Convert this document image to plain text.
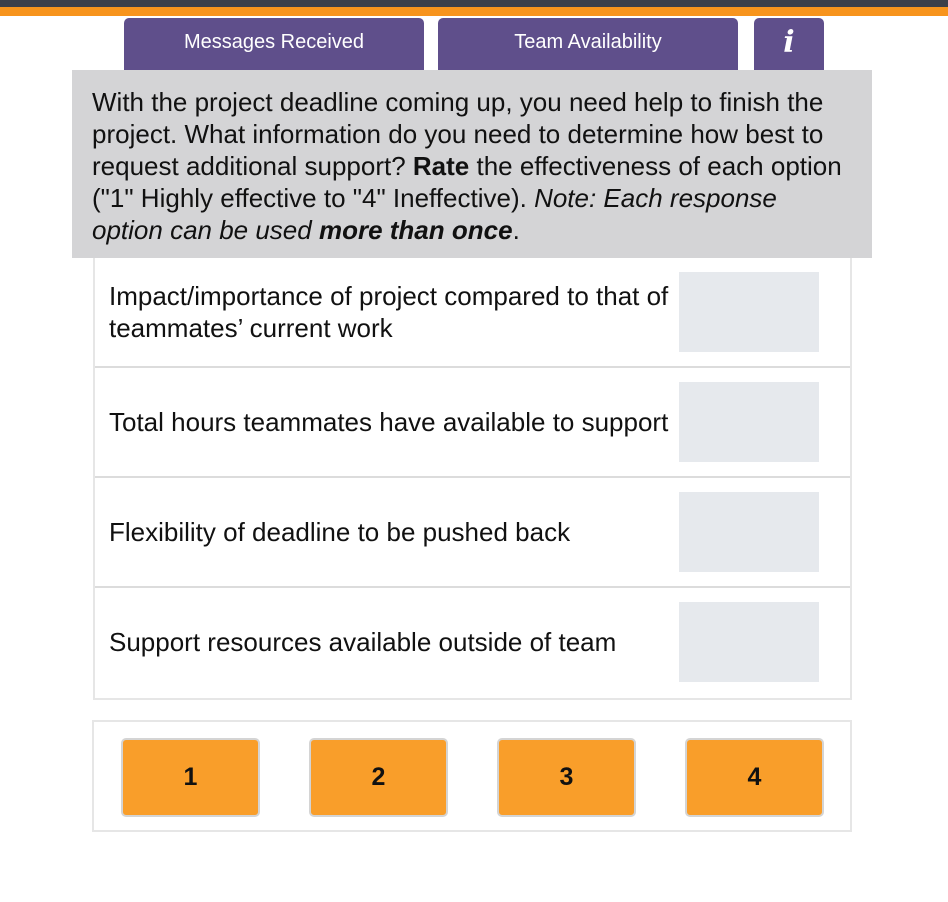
Messages Received	Team Availability	i
With the project deadline coming up, you need help to finish the project. What information do you need to determine how best to request additional support? Rate the effectiveness of each option ("1" Highly effective to "4" Ineffective). Note: Each response option can be used more than once.
Impact/importance of project compared to that of teammates’ current work
Total hours teammates have available to support
Flexibility of deadline to be pushed back
Support resources available outside of team
1	2	3	4
